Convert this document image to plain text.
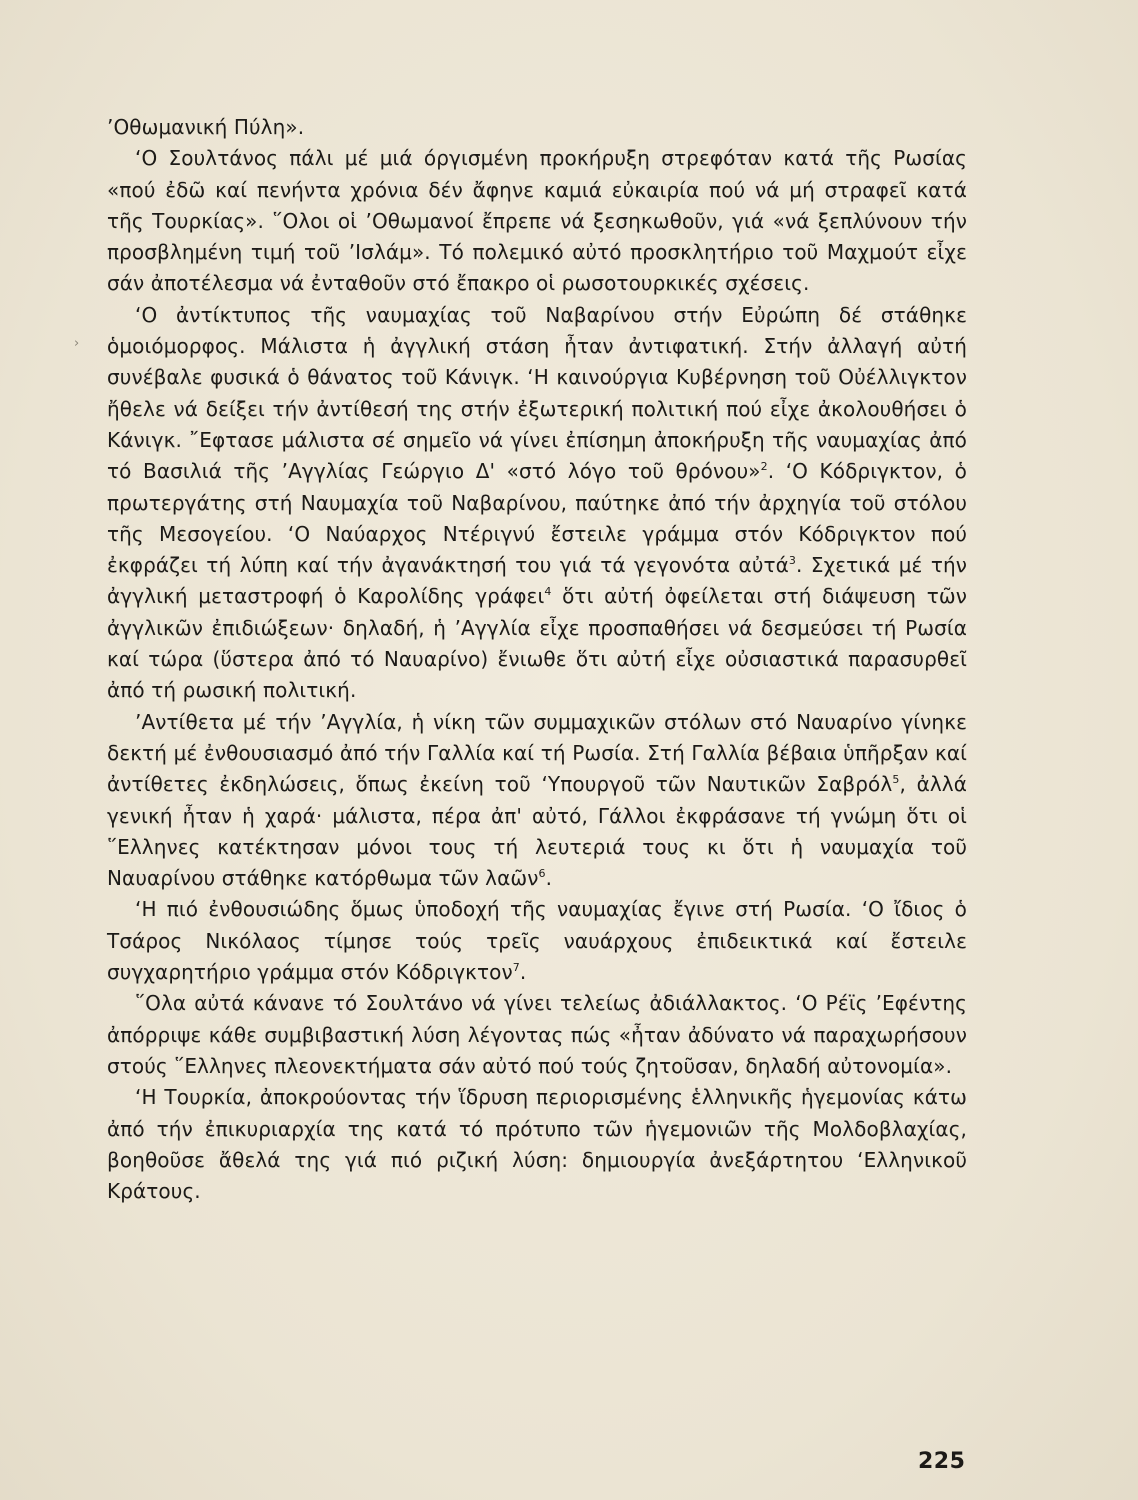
›

’Οθωμανική Πύλη».

‘Ο Σουλτάνος πάλι μέ μιά όργισμένη προκήρυξη στρεφόταν κατά τῆς Ρωσίας «πού ἐδῶ καί πενήντα χρόνια δέν ἄφηνε καμιά εὐκαιρία πού νά μή στραφεῖ κατά τῆς Τουρκίας». ῞Ολοι οἱ ’Οθωμανοί ἔπρεπε νά ξεσηκωθοῦν, γιά «νά ξεπλύνουν τήν προσβλημένη τιμή τοῦ ’Ισλάμ». Τό πολεμικό αὐτό προσκλητήριο τοῦ Μαχμούτ εἶχε σάν ἀποτέλεσμα νά ἐνταθοῦν στό ἔπακρο οἱ ρωσοτουρκικές σχέσεις.

‘Ο ἀντίκτυπος τῆς ναυμαχίας τοῦ Ναβαρίνου στήν Εὐρώπη δέ στάθηκε ὁμοιόμορφος. Μάλιστα ἡ ἀγγλική στάση ἦταν ἀντιφατική. Στήν ἀλλαγή αὐτή συνέβαλε φυσικά ὁ θάνατος τοῦ Κάνιγκ. ‘Η καινούργια Κυβέρνηση τοῦ Οὐέλλιγκτον ἤθελε νά δείξει τήν ἀντίθεσή της στήν ἐξωτερική πολιτική πού εἶχε ἀκολουθήσει ὁ Κάνιγκ. ῎Εφτασε μάλιστα σέ σημεῖο νά γίνει ἐπίσημη ἀποκήρυξη τῆς ναυμαχίας ἀπό τό Βασιλιά τῆς ’Αγγλίας Γεώργιο Δ' «στό λόγο τοῦ θρόνου»$^2$. ‘Ο Κόδριγκτον, ὁ πρωτεργάτης στή Ναυμαχία τοῦ Ναβαρίνου, παύτηκε ἀπό τήν ἀρχηγία τοῦ στόλου τῆς Μεσογείου. ‘Ο Ναύαρχος Ντέριγνύ ἔστειλε γράμμα στόν Κόδριγκτον πού ἐκφράζει τή λύπη καί τήν ἀγανάκτησή του γιά τά γεγονότα αὐτά$^3$. Σχετικά μέ τήν ἀγγλική μεταστροφή ὁ Καρολίδης γράφει$^4$ ὅτι αὐτή ὀφείλεται στή διάψευση τῶν ἀγγλικῶν ἐπιδιώξεων· δηλαδή, ἡ ’Αγγλία εἶχε προσπαθήσει νά δεσμεύσει τή Ρωσία καί τώρα (ὕστερα ἀπό τό Ναυαρίνο) ἔνιωθε ὅτι αὐτή εἶχε οὐσιαστικά παρασυρθεῖ ἀπό τή ρωσική πολιτική.

’Αντίθετα μέ τήν ’Αγγλία, ἡ νίκη τῶν συμμαχικῶν στόλων στό Ναυαρίνο γίνηκε δεκτή μέ ἐνθουσιασμό ἀπό τήν Γαλλία καί τή Ρωσία. Στή Γαλλία βέβαια ὑπῆρξαν καί ἀντίθετες ἐκδηλώσεις, ὅπως ἐκείνη τοῦ ‘Υπουργοῦ τῶν Ναυτικῶν Σαβρόλ$^5$, ἀλλά γενική ἦταν ἡ χαρά· μάλιστα, πέρα ἀπ' αὐτό, Γάλλοι ἐκφράσανε τή γνώμη ὅτι οἱ ῞Ελληνες κατέκτησαν μόνοι τους τή λευτεριά τους κι ὅτι ἡ ναυμαχία τοῦ Ναυαρίνου στάθηκε κατόρθωμα τῶν λαῶν$^6$.

‘Η πιό ἐνθουσιώδης ὅμως ὑποδοχή τῆς ναυμαχίας ἔγινε στή Ρωσία. ‘Ο ἴδιος ὁ Τσάρος Νικόλαος τίμησε τούς τρεῖς ναυάρχους ἐπιδεικτικά καί ἔστειλε συγχαρητήριο γράμμα στόν Κόδριγκτον$^7$.

῞Ολα αὐτά κάνανε τό Σουλτάνο νά γίνει τελείως ἀδιάλλακτος. ‘Ο Ρέϊς ’Εφέντης ἀπόρριψε κάθε συμβιβαστική λύση λέγοντας πώς «ἦταν ἀδύνατο νά παραχωρήσουν στούς ῞Ελληνες πλεονεκτήματα σάν αὐτό πού τούς ζητοῦσαν, δηλαδή αὐτονομία».

‘Η Τουρκία, ἀποκρούοντας τήν ἵδρυση περιορισμένης ἑλληνικῆς ἡγεμονίας κάτω ἀπό τήν ἐπικυριαρχία της κατά τό πρότυπο τῶν ἡγεμονιῶν τῆς Μολδοβλαχίας, βοηθοῦσε ἄθελά της γιά πιό ριζική λύση: δημιουργία ἀνεξάρτητου ‘Ελληνικοῦ Κράτους.

225
